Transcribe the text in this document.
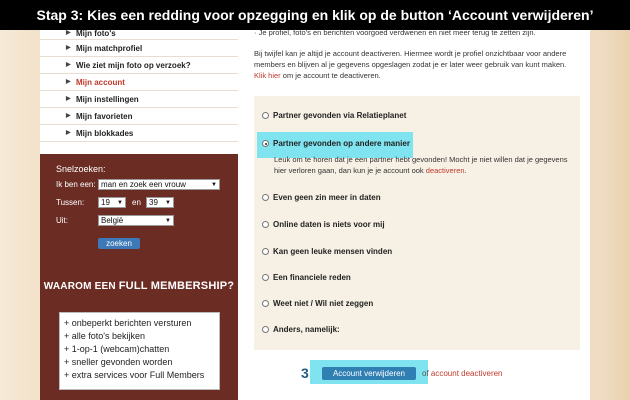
Stap 3: Kies een redding voor opzegging en klik op de button ‘Account verwijderen’
▶ Mijn foto's
▶ Mijn matchprofiel
▶ Wie ziet mijn foto op verzoek?
▶ Mijn account
▶ Mijn instellingen
▶ Mijn favorieten
▶ Mijn blokkades
Snelzoeken:
Ik ben een: man en zoek een vrouw	▼
Tussen:	19 ▼ en	39 ▼
Uit:	België	▼
zoeken
WAAROM EEN FULL MEMBERSHIP?
+ onbeperkt berichten versturen
+ alle foto's bekijken
+ 1-op-1 (webcam)chatten
+ sneller gevonden worden
+ extra services voor Full Members
· Je profiel, foto's en berichten voorgoed verdwenen en niet meer terug te zetten zijn.
Bij twijfel kan je altijd je account deactiveren. Hiermee wordt je profiel onzichtbaar voor andere members en blijven al je gegevens opgeslagen zodat je er later weer gebruik van kunt maken. Klik hier om je account te deactiveren.
Partner gevonden via Relatieplanet
Partner gevonden op andere manier
Leuk om te horen dat je een partner hebt gevonden! Mocht je niet willen dat je gegevens hier verloren gaan, dan kun je je account ook deactiveren.
Even geen zin meer in daten
Online daten is niets voor mij
Kan geen leuke mensen vinden
Een financiele reden
Weet niet / Wil niet zeggen
Anders, namelijk:
3	Account verwijderen	of account deactiveren
